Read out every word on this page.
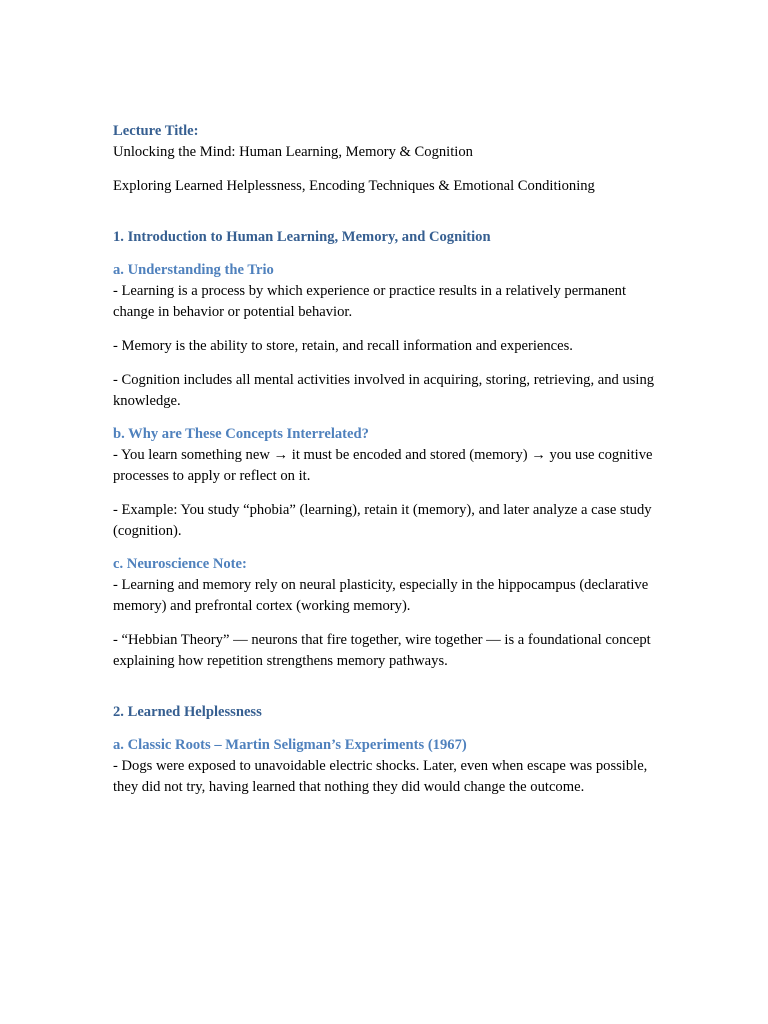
Lecture Title:

Unlocking the Mind: Human Learning, Memory & Cognition

Exploring Learned Helplessness, Encoding Techniques & Emotional Conditioning

1. Introduction to Human Learning, Memory, and Cognition

a. Understanding the Trio

- Learning is a process by which experience or practice results in a relatively permanent change in behavior or potential behavior.

- Memory is the ability to store, retain, and recall information and experiences.

- Cognition includes all mental activities involved in acquiring, storing, retrieving, and using knowledge.

b. Why are These Concepts Interrelated?

- You learn something new → it must be encoded and stored (memory) → you use cognitive processes to apply or reflect on it.

- Example: You study “phobia” (learning), retain it (memory), and later analyze a case study (cognition).

c. Neuroscience Note:

- Learning and memory rely on neural plasticity, especially in the hippocampus (declarative memory) and prefrontal cortex (working memory).

- “Hebbian Theory” — neurons that fire together, wire together — is a foundational concept explaining how repetition strengthens memory pathways.

2. Learned Helplessness

a. Classic Roots – Martin Seligman’s Experiments (1967)

- Dogs were exposed to unavoidable electric shocks. Later, even when escape was possible, they did not try, having learned that nothing they did would change the outcome.
